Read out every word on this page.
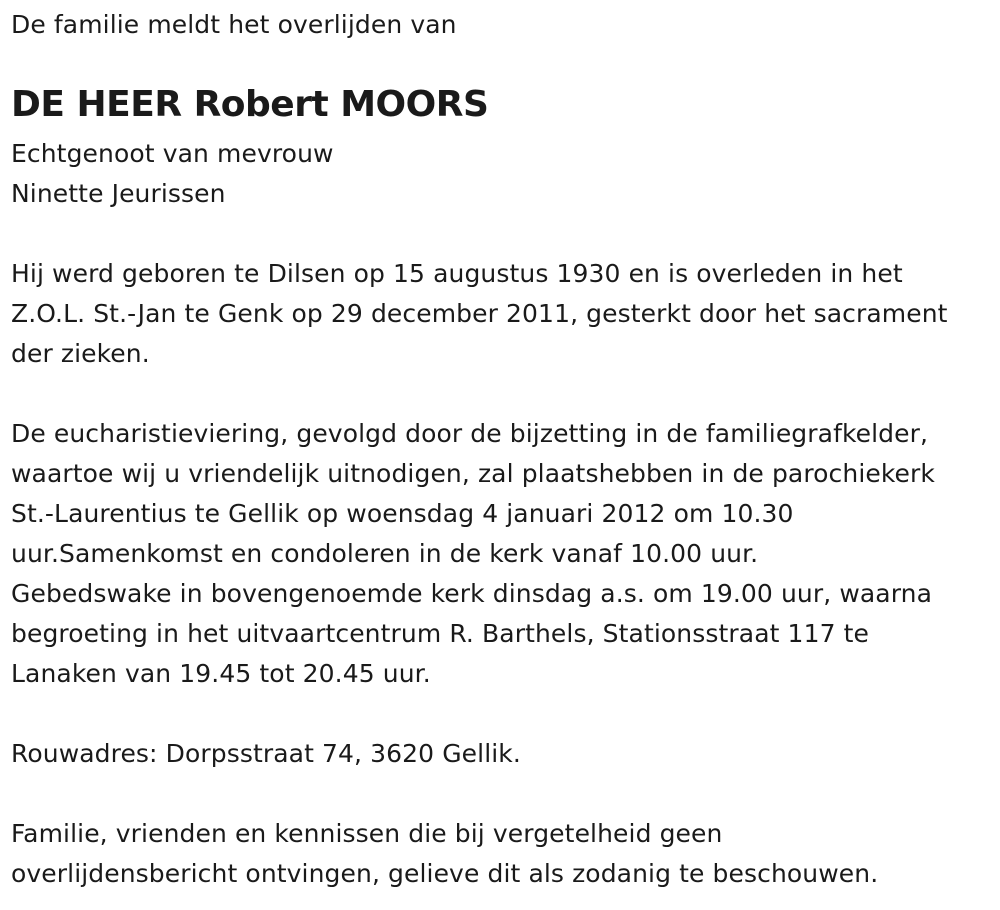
De familie meldt het overlijden van
DE HEER Robert MOORS
Echtgenoot van mevrouw
Ninette Jeurissen
Hij werd geboren te Dilsen op 15 augustus 1930 en is overleden in het
Z.O.L. St.-Jan te Genk op 29 december 2011, gesterkt door het sacrament
der zieken.
De eucharistieviering, gevolgd door de bijzetting in de familiegrafkelder,
waartoe wij u vriendelijk uitnodigen, zal plaatshebben in de parochiekerk
St.-Laurentius te Gellik op woensdag 4 januari 2012 om 10.30
uur.Samenkomst en condoleren in de kerk vanaf 10.00 uur.
Gebedswake in bovengenoemde kerk dinsdag a.s. om 19.00 uur, waarna
begroeting in het uitvaartcentrum R. Barthels, Stationsstraat 117 te
Lanaken van 19.45 tot 20.45 uur.
Rouwadres: Dorpsstraat 74, 3620 Gellik.
Familie, vrienden en kennissen die bij vergetelheid geen
overlijdensbericht ontvingen, gelieve dit als zodanig te beschouwen.
